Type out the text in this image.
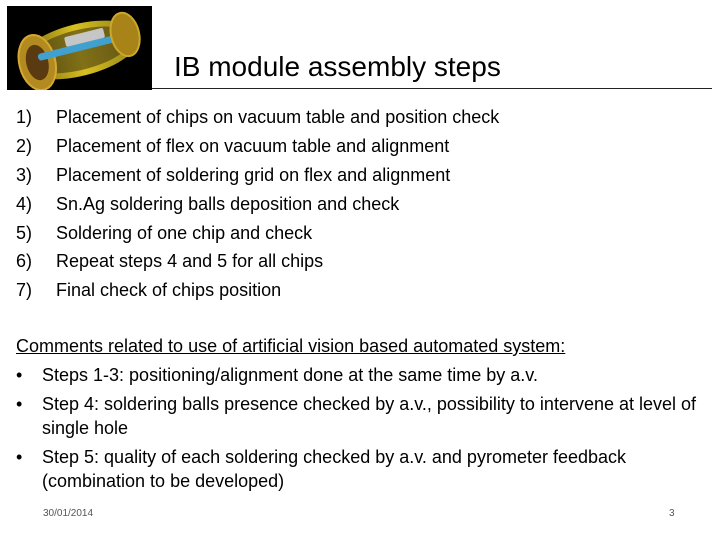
IB module assembly steps
1) Placement of chips on vacuum table and position check
2) Placement of flex on vacuum table and alignment
3) Placement of soldering grid on flex and alignment
4) Sn.Ag soldering balls deposition and check
5) Soldering of one chip and check
6) Repeat steps 4 and 5 for all chips
7) Final check of chips position
Comments related to use of artificial vision based automated system:
• Steps 1-3: positioning/alignment done at the same time by a.v.
• Step 4: soldering balls presence checked by a.v., possibility to intervene at level of single hole
• Step 5: quality of each soldering checked by a.v. and pyrometer feedback (combination to be developed)
30/01/2014	3
